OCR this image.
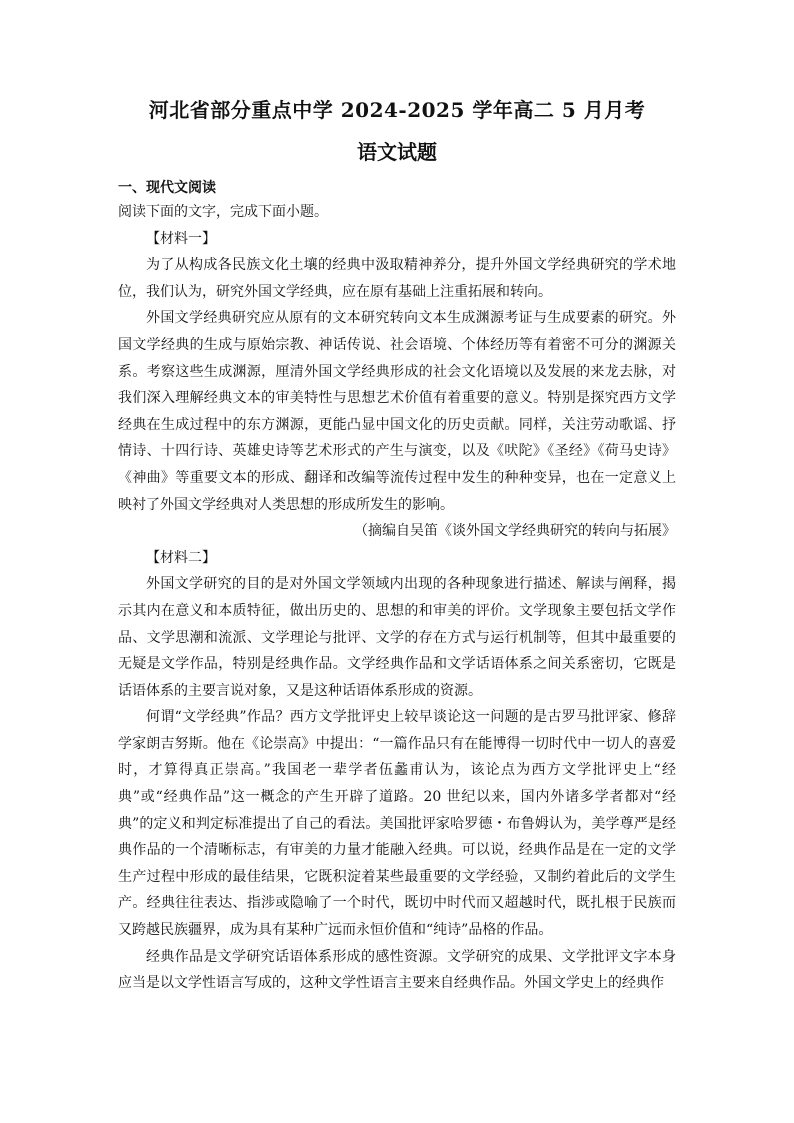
河北省部分重点中学 2024-2025 学年高二 5 月月考
语文试题

一、现代文阅读

阅读下面的文字，完成下面小题。

【材料一】

为了从构成各民族文化土壤的经典中汲取精神养分，提升外国文学经典研究的学术地位，我们认为，研究外国文学经典，应在原有基础上注重拓展和转向。

外国文学经典研究应从原有的文本研究转向文本生成渊源考证与生成要素的研究。外国文学经典的生成与原始宗教、神话传说、社会语境、个体经历等有着密不可分的渊源关系。考察这些生成渊源，厘清外国文学经典形成的社会文化语境以及发展的来龙去脉，对我们深入理解经典文本的审美特性与思想艺术价值有着重要的意义。特别是探究西方文学经典在生成过程中的东方渊源，更能凸显中国文化的历史贡献。同样，关注劳动歌谣、抒情诗、十四行诗、英雄史诗等艺术形式的产生与演变，以及《吠陀》《圣经》《荷马史诗》《神曲》等重要文本的形成、翻译和改编等流传过程中发生的种种变异，也在一定意义上映衬了外国文学经典对人类思想的形成所发生的影响。

（摘编自吴笛《谈外国文学经典研究的转向与拓展》

【材料二】

外国文学研究的目的是对外国文学领域内出现的各种现象进行描述、解读与阐释，揭示其内在意义和本质特征，做出历史的、思想的和审美的评价。文学现象主要包括文学作品、文学思潮和流派、文学理论与批评、文学的存在方式与运行机制等，但其中最重要的无疑是文学作品，特别是经典作品。文学经典作品和文学话语体系之间关系密切，它既是话语体系的主要言说对象，又是这种话语体系形成的资源。

何谓“文学经典”作品？西方文学批评史上较早谈论这一问题的是古罗马批评家、修辞学家朗吉努斯。他在《论崇高》中提出：“一篇作品只有在能博得一切时代中一切人的喜爱时，才算得真正崇高。”我国老一辈学者伍蠡甫认为，该论点为西方文学批评史上“经典”或“经典作品”这一概念的产生开辟了道路。20 世纪以来，国内外诸多学者都对“经典”的定义和判定标准提出了自己的看法。美国批评家哈罗德・布鲁姆认为，美学尊严是经典作品的一个清晰标志，有审美的力量才能融入经典。可以说，经典作品是在一定的文学生产过程中形成的最佳结果，它既积淀着某些最重要的文学经验，又制约着此后的文学生产。经典往往表达、指涉或隐喻了一个时代，既切中时代而又超越时代，既扎根于民族而又跨越民族疆界，成为具有某种广远而永恒价值和“纯诗”品格的作品。

经典作品是文学研究话语体系形成的感性资源。文学研究的成果、文学批评文字本身应当是以文学性语言写成的，这种文学性语言主要来自经典作品。外国文学史上的经典作
